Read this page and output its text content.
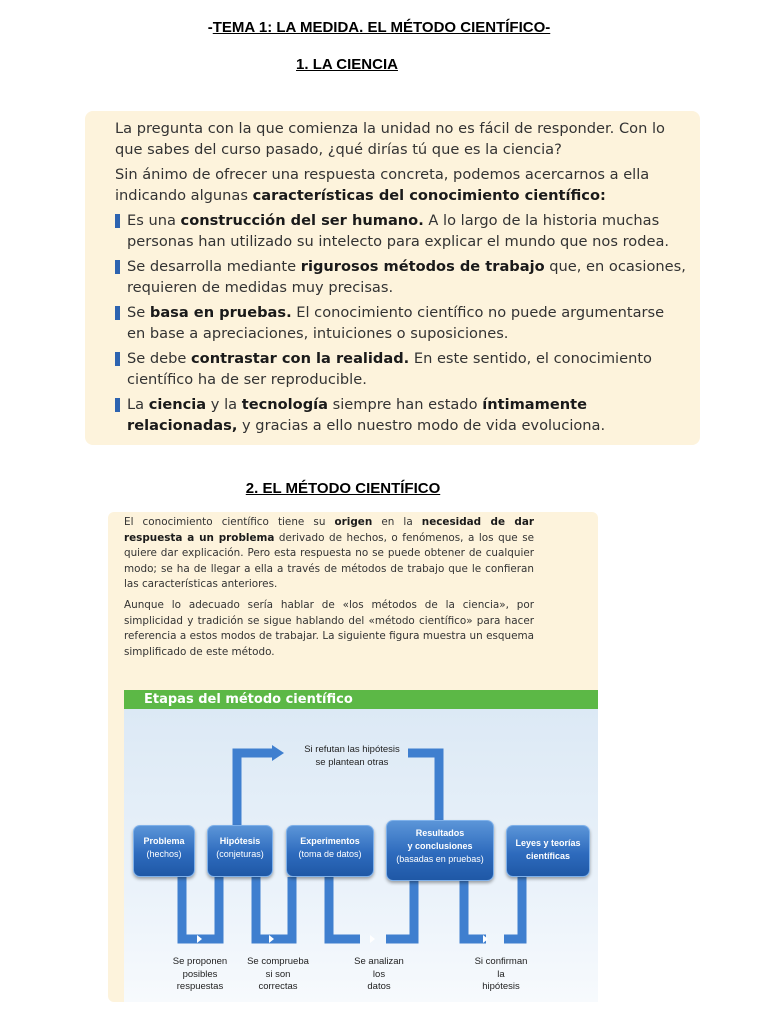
-TEMA 1: LA MEDIDA. EL MÉTODO CIENTÍFICO-
1. LA CIENCIA

La pregunta con la que comienza la unidad no es fácil de responder. Con lo que sabes del curso pasado, ¿qué dirías tú que es la ciencia?

Sin ánimo de ofrecer una respuesta concreta, podemos acercarnos a ella indicando algunas características del conocimiento científico:

Es una construcción del ser humano. A lo largo de la historia muchas personas han utilizado su intelecto para explicar el mundo que nos rodea.
Se desarrolla mediante rigurosos métodos de trabajo que, en ocasiones, requieren de medidas muy precisas.
Se basa en pruebas. El conocimiento científico no puede argumentarse en base a apreciaciones, intuiciones o suposiciones.
Se debe contrastar con la realidad. En este sentido, el conocimiento científico ha de ser reproducible.
La ciencia y la tecnología siempre han estado íntimamente relacionadas, y gracias a ello nuestro modo de vida evoluciona.
2. EL MÉTODO CIENTÍFICO

El conocimiento científico tiene su origen en la necesidad de dar respuesta a un problema derivado de hechos, o fenómenos, a los que se quiere dar explicación. Pero esta respuesta no se puede obtener de cualquier modo; se ha de llegar a ella a través de métodos de trabajo que le confieran las características anteriores.

Aunque lo adecuado sería hablar de «los métodos de la ciencia», por simplicidad y tradición se sigue hablando del «método científico» para hacer referencia a estos modos de trabajar. La siguiente figura muestra un esquema simplificado de este método.

Etapas del método científico
Si refutan las hipótesis
se plantean otras
Problema
(hechos)
Hipótesis
(conjeturas)
Experimentos
(toma de datos)
Resultados
y conclusiones
(basadas en pruebas)
Leyes y teorías
científicas
Se proponen
posibles
respuestas
Se comprueba
si son
correctas
Se analizan
los
datos
Si confirman
la
hipótesis
